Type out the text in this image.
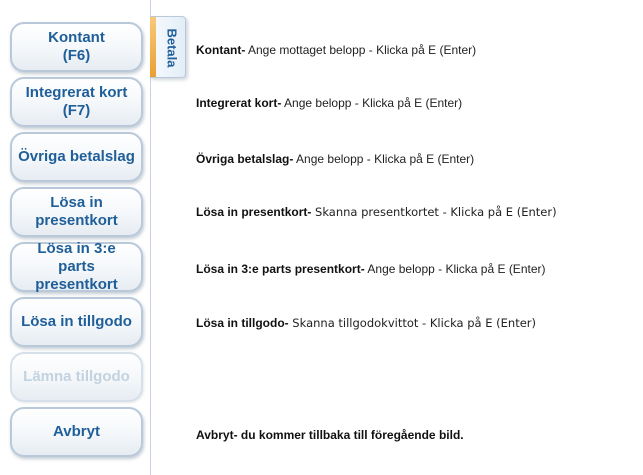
Kontant
(F6)
Integrerat kort
(F7)
Övriga betalslag
Lösa in
presentkort
Lösa in 3:e parts
presentkort
Lösa in tillgodo
Lämna tillgodo
Avbryt
Betala Kontant- Ange mottaget belopp - Klicka på E (Enter)
Integrerat kort- Ange belopp - Klicka på E (Enter)
Övriga betalslag- Ange belopp - Klicka på E (Enter)
Lösa in presentkort- Skanna presentkortet - Klicka på E (Enter)
Lösa in 3:e parts presentkort- Ange belopp - Klicka på E (Enter)
Lösa in tillgodo- Skanna tillgodokvittot - Klicka på E (Enter)
Avbryt- du kommer tillbaka till föregående bild.
